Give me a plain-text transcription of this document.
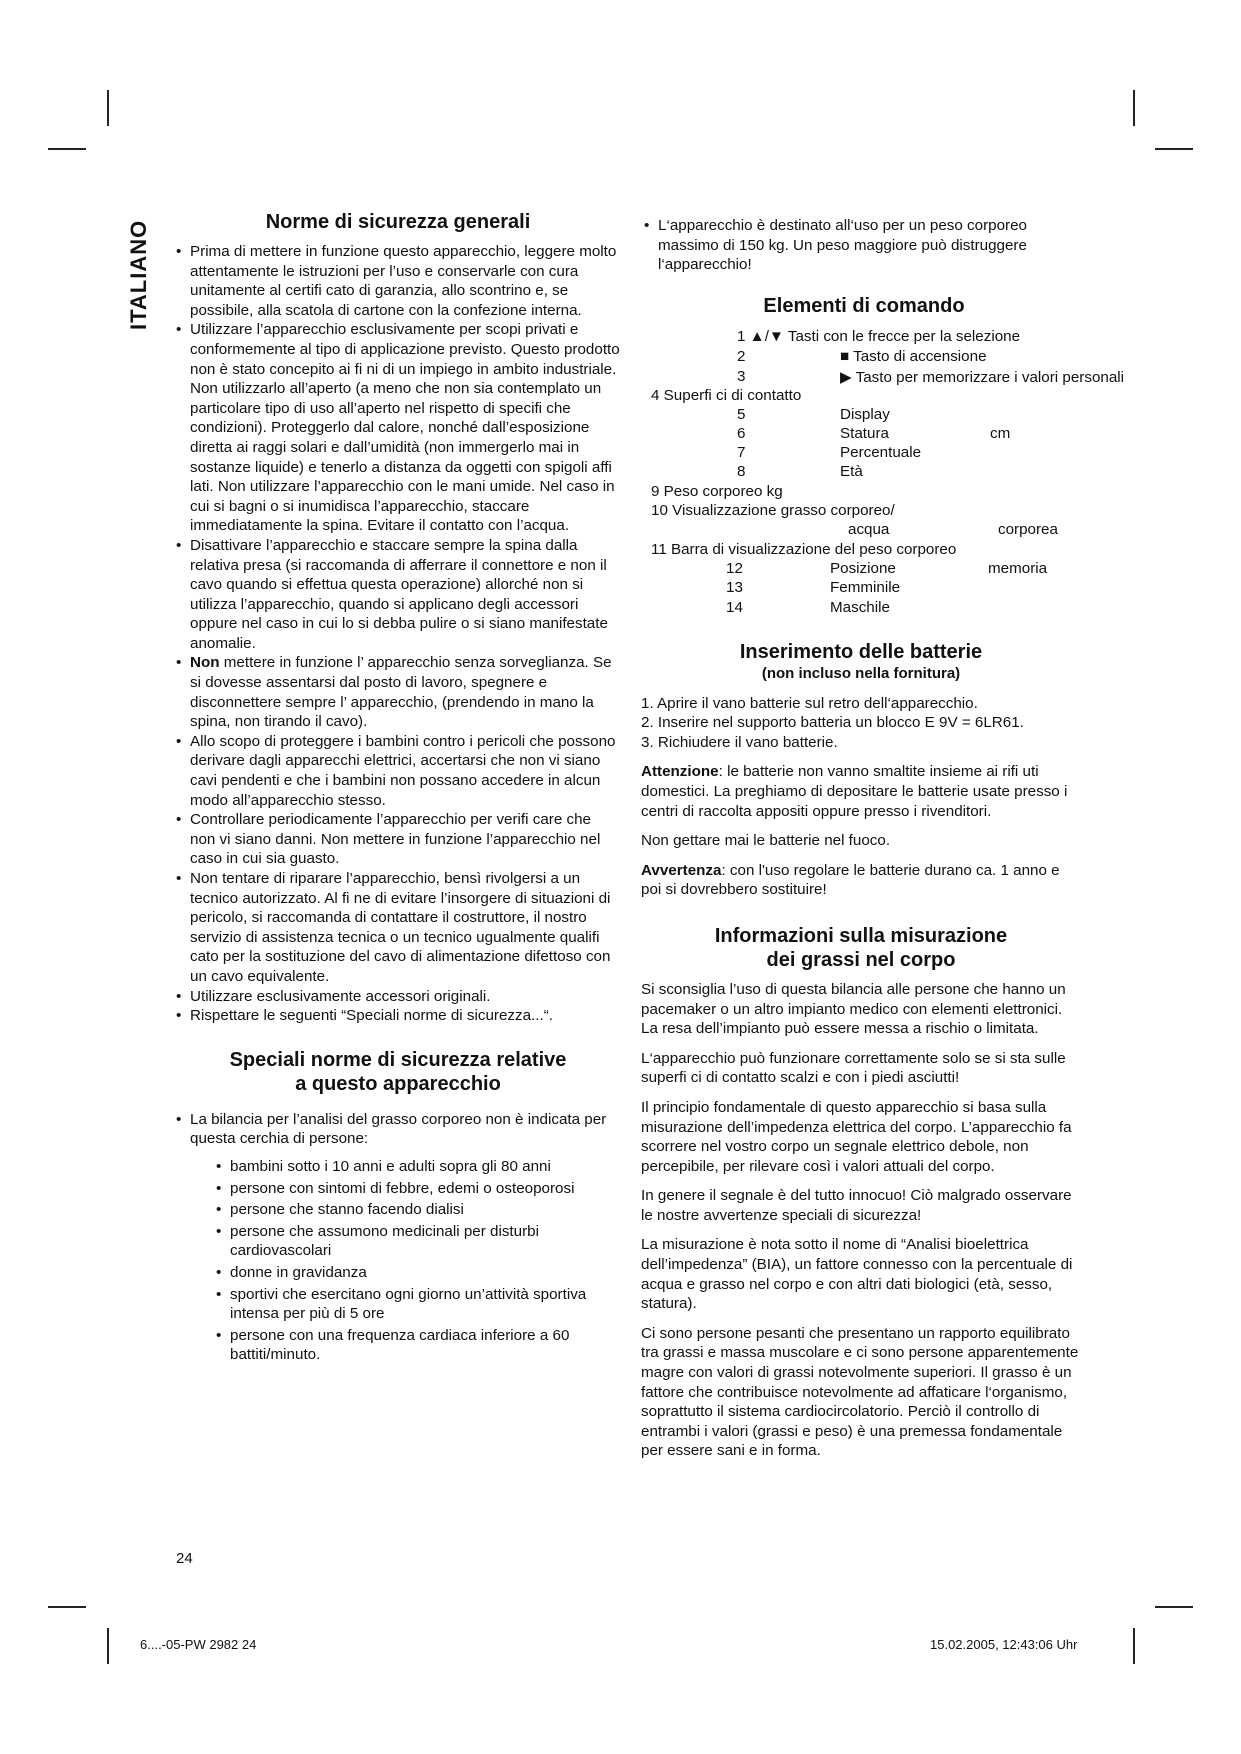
ITALIANO	Norme di sicurezza generali
• Prima di mettere in funzione questo apparecchio, leggere molto attentamente le istruzioni per l’uso e conservarle con cura unitamente al certifi cato di garanzia, allo scontrino e, se possibile, alla scatola di cartone con la confezione interna.
• Utilizzare l’apparecchio esclusivamente per scopi privati e conformemente al tipo di applicazione previsto. Questo prodotto non è stato concepito ai fi ni di un impiego in ambito industriale. Non utilizzarlo all’aperto (a meno che non sia contemplato un particolare tipo di uso all’aperto nel rispetto di specifi che condizioni). Proteggerlo dal calore, nonché dall’esposizione diretta ai raggi solari e dall’umidità (non immergerlo mai in sostanze liquide) e tenerlo a distanza da oggetti con spigoli affi lati. Non utilizzare l’apparecchio con le mani umide. Nel caso in cui si bagni o si inumidisca l’apparecchio, staccare immediatamente la spina. Evitare il contatto con l’acqua.
• Disattivare l’apparecchio e staccare sempre la spina dalla relativa presa (si raccomanda di afferrare il connettore e non il cavo quando si effettua questa operazione) allorché non si utilizza l’apparecchio, quando si applicano degli accessori oppure nel caso in cui lo si debba pulire o si siano manifestate anomalie.
• Non mettere in funzione l’ apparecchio senza sorveglianza. Se si dovesse assentarsi dal posto di lavoro, spegnere e disconnettere sempre l’ apparecchio, (prendendo in mano la spina, non tirando il cavo).
• Allo scopo di proteggere i bambini contro i pericoli che possono derivare dagli apparecchi elettrici, accertarsi che non vi siano cavi pendenti e che i bambini non possano accedere in alcun modo all’apparecchio stesso.
• Controllare periodicamente l’apparecchio per verifi care che non vi siano danni. Non mettere in funzione l’apparecchio nel caso in cui sia guasto.
• Non tentare di riparare l’apparecchio, bensì rivolgersi a un tecnico autorizzato. Al fi ne di evitare l’insorgere di situazioni di pericolo, si raccomanda di contattare il costruttore, il nostro servizio di assistenza tecnica o un tecnico ugualmente qualifi cato per la sostituzione del cavo di alimentazione difettoso con un cavo equivalente.
• Utilizzare esclusivamente accessori originali.
• Rispettare le seguenti “Speciali norme di sicurezza...“.
Speciali norme di sicurezza relative
a questo apparecchio
• La bilancia per l’analisi del grasso corporeo non è indicata per questa cerchia di persone:
• bambini sotto i 10 anni e adulti sopra gli 80 anni
• persone con sintomi di febbre, edemi o osteoporosi
• persone che stanno facendo dialisi
• persone che assumono medicinali per disturbi cardiovascolari
• donne in gravidanza
• sportivi che esercitano ogni giorno un’attività sportiva intensa per più di 5 ore
• persone con una frequenza cardiaca inferiore a 60 battiti/minuto.
• L‘apparecchio è destinato all‘uso per un peso corporeo massimo di 150 kg. Un peso maggiore può distruggere l‘apparecchio!
Elementi di comando
1 ▲/▼ Tasti con le frecce per la selezione
2	■ Tasto di accensione
3	▶ Tasto per memorizzare i valori personali
4 Superfi ci di contatto
5	Display
6	Statura	cm
7	Percentuale
8	Età
9 Peso corporeo kg
10 Visualizzazione grasso corporeo/
acqua	corporea
11 Barra di visualizzazione del peso corporeo
12	Posizione	memoria
13	Femminile
14	Maschile
Inserimento delle batterie
(non incluso nella fornitura)

1. Aprire il vano batterie sul retro dell‘apparecchio.

2. Inserire nel supporto batteria un blocco E 9V = 6LR61.

3. Richiudere il vano batterie.

Attenzione: le batterie non vanno smaltite insieme ai rifi uti domestici. La preghiamo di depositare le batterie usate presso i centri di raccolta appositi oppure presso i rivenditori.

Non gettare mai le batterie nel fuoco.

Avvertenza: con l'uso regolare le batterie durano ca. 1 anno e poi si dovrebbero sostituire!

Informazioni sulla misurazione
dei grassi nel corpo

Si sconsiglia l’uso di questa bilancia alle persone che hanno un pacemaker o un altro impianto medico con elementi elettronici. La resa dell’impianto può essere messa a rischio o limitata.

L‘apparecchio può funzionare correttamente solo se si sta sulle superfi ci di contatto scalzi e con i piedi asciutti!

Il principio fondamentale di questo apparecchio si basa sulla misurazione dell’impedenza elettrica del corpo. L’apparecchio fa scorrere nel vostro corpo un segnale elettrico debole, non percepibile, per rilevare così i valori attuali del corpo.

In genere il segnale è del tutto innocuo! Ciò malgrado osservare le nostre avvertenze speciali di sicurezza!

La misurazione è nota sotto il nome di “Analisi bioelettrica dell’impedenza” (BIA), un fattore connesso con la percentuale di acqua e grasso nel corpo e con altri dati biologici (età, sesso, statura).

Ci sono persone pesanti che presentano un rapporto equilibrato tra grassi e massa muscolare e ci sono persone apparentemente magre con valori di grassi notevolmente superiori. Il grasso è un fattore che contribuisce notevolmente ad affaticare l‘organismo, soprattutto il sistema cardiocircolatorio. Perciò il controllo di entrambi i valori (grassi e peso) è una premessa fondamentale per essere sani e in forma.

24
6....-05-PW 2982 24	15.02.2005, 12:43:06 Uhr
